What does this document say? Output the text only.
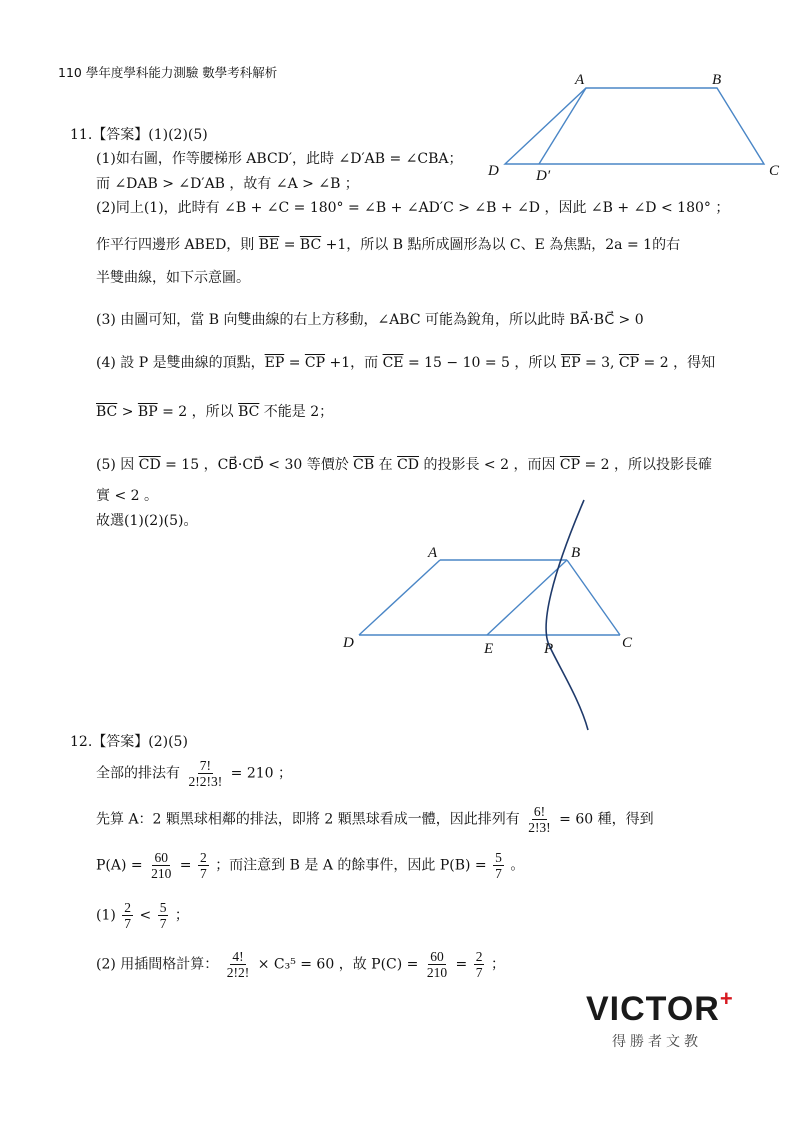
110 學年度學科能力測驗 數學考科解析
11.【答案】(1)(2)(5)
(1)如右圖，作等腰梯形 ABCD′，此時 ∠D′AB = ∠CBA；
而 ∠DAB > ∠D′AB ，故有 ∠A > ∠B ；
(2)同上(1)，此時有 ∠B + ∠C = 180° = ∠B + ∠AD′C > ∠B + ∠D ，因此 ∠B + ∠D < 180° ；
作平行四邊形 ABED，則 $\overline{BE} = \overline{BC} +1$，所以 B 點所成圖形為以 C、E 為焦點，2a = 1的右
半雙曲線，如下示意圖。
(3) 由圖可知，當 B 向雙曲線的右上方移動，∠ABC 可能為銳角，所以此時 BA⃗·BC⃗ > 0
(4) 設 P 是雙曲線的頂點，$\overline{EP} = \overline{CP} +1$，而 $\overline{CE} = 15 - 10 = 5$ ，所以 $\overline{EP} = 3$, $\overline{CP} = 2$ ，得知
$\overline{BC} > \overline{BP} = 2$ ，所以 $\overline{BC}$ 不能是 2；
(5) 因 $\overline{CD} = 15$ ，CB⃗·CD⃗ < 30 等價於 $\overline{CB}$ 在 $\overline{CD}$ 的投影長 < 2 ，而因 $\overline{CP} = 2$ ，所以投影長確
實 < 2 。
故選(1)(2)(5)。
A	B
C
D D′
A	B
C
D	E	P
12.【答案】(2)(5)
全部的排法有 $\frac{7!}{2!2!3!} = 210$ ；
先算 A：2 顆黑球相鄰的排法，即將 2 顆黑球看成一體，因此排列有 $\frac{6!}{2!3!} = 60$ 種，得到
$P(A) = \frac{60}{210} = \frac{2}{7}$ ；而注意到 B 是 A 的餘事件，因此 $P(B) = \frac{5}{7}$ 。
$(1) \frac{2}{7} < \frac{5}{7}$ ；
(2) 用插間格計算： $\frac{4!}{2!2!} \times C_3^5 = 60$ ，故 $P(C) = \frac{60}{210} = \frac{2}{7}$ ；
VICTOR+
得勝者文教
